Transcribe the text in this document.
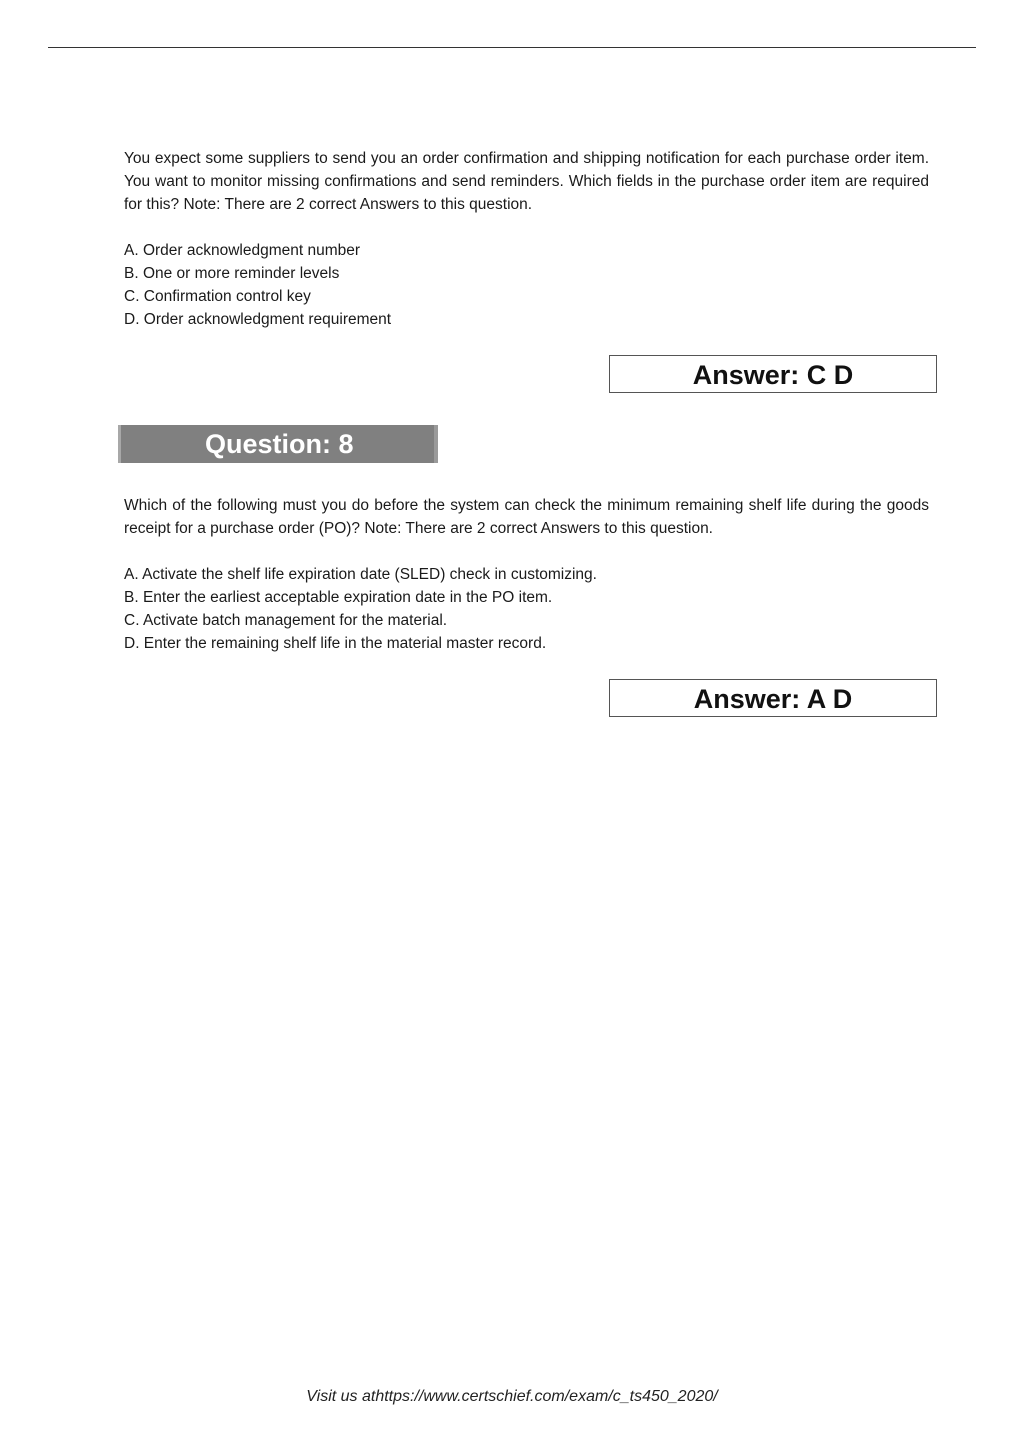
You expect some suppliers to send you an order confirmation and shipping notification for each purchase order item. You want to monitor missing confirmations and send reminders. Which fields in the purchase order item are required for this? Note: There are 2 correct Answers to this question.
A. Order acknowledgment number
B. One or more reminder levels
C. Confirmation control key
D. Order acknowledgment requirement
Answer: C D
Question: 8
Which of the following must you do before the system can check the minimum remaining shelf life during the goods receipt for a purchase order (PO)? Note: There are 2 correct Answers to this question.
A. Activate the shelf life expiration date (SLED) check in customizing.
B. Enter the earliest acceptable expiration date in the PO item.
C. Activate batch management for the material.
D. Enter the remaining shelf life in the material master record.
Answer: A D
Visit us athttps://www.certschief.com/exam/c_ts450_2020/
